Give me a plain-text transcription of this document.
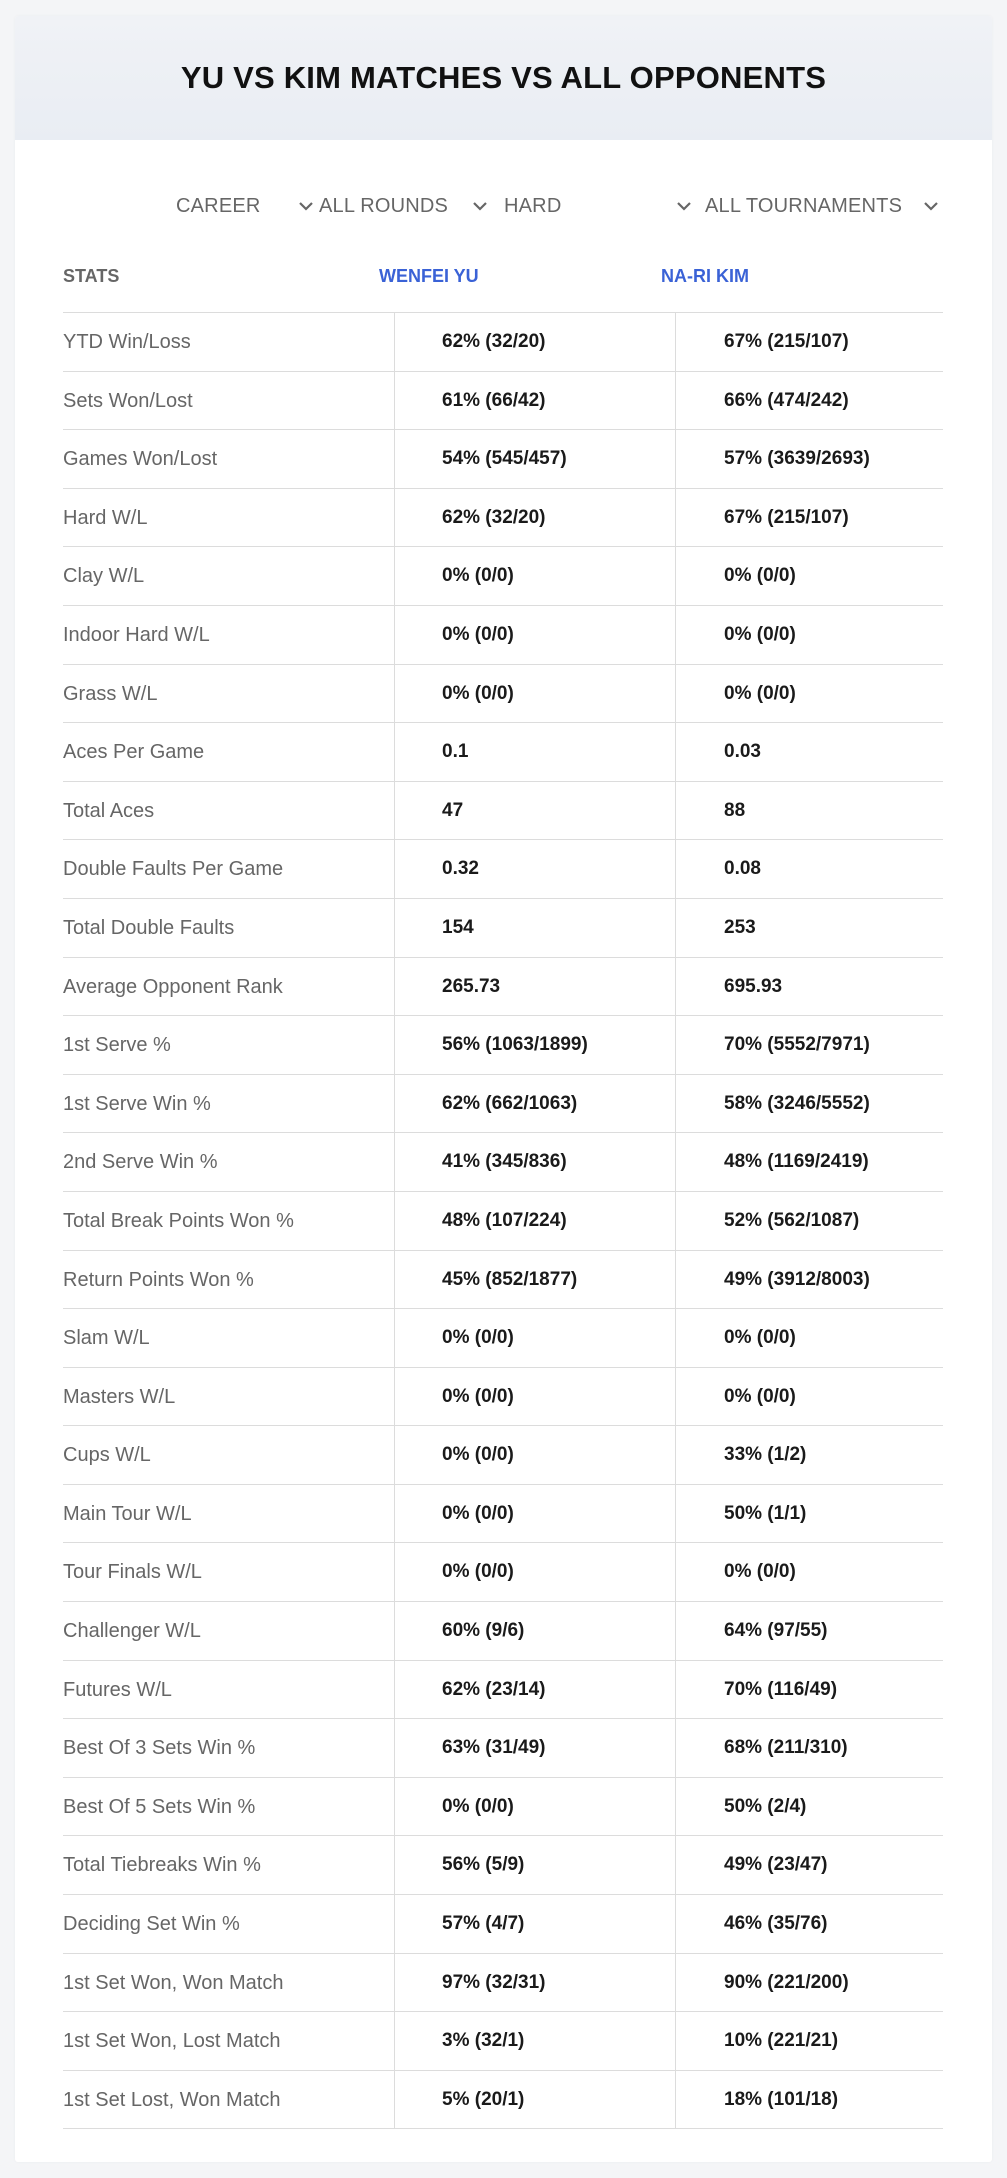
YU VS KIM MATCHES VS ALL OPPONENTS
CAREER	ALL ROUNDS	HARD	ALL TOURNAMENTS
STATS	WENFEI YU	NA-RI KIM
YTD Win/Loss	62% (32/20)	67% (215/107)
Sets Won/Lost	61% (66/42)	66% (474/242)
Games Won/Lost	54% (545/457)	57% (3639/2693)
Hard W/L	62% (32/20)	67% (215/107)
Clay W/L	0% (0/0)	0% (0/0)
Indoor Hard W/L	0% (0/0)	0% (0/0)
Grass W/L	0% (0/0)	0% (0/0)
Aces Per Game	0.1	0.03
Total Aces	47	88
Double Faults Per Game	0.32	0.08
Total Double Faults	154	253
Average Opponent Rank	265.73	695.93
1st Serve %	56% (1063/1899)	70% (5552/7971)
1st Serve Win %	62% (662/1063)	58% (3246/5552)
2nd Serve Win %	41% (345/836)	48% (1169/2419)
Total Break Points Won %	48% (107/224)	52% (562/1087)
Return Points Won %	45% (852/1877)	49% (3912/8003)
Slam W/L	0% (0/0)	0% (0/0)
Masters W/L	0% (0/0)	0% (0/0)
Cups W/L	0% (0/0)	33% (1/2)
Main Tour W/L	0% (0/0)	50% (1/1)
Tour Finals W/L	0% (0/0)	0% (0/0)
Challenger W/L	60% (9/6)	64% (97/55)
Futures W/L	62% (23/14)	70% (116/49)
Best Of 3 Sets Win %	63% (31/49)	68% (211/310)
Best Of 5 Sets Win %	0% (0/0)	50% (2/4)
Total Tiebreaks Win %	56% (5/9)	49% (23/47)
Deciding Set Win %	57% (4/7)	46% (35/76)
1st Set Won, Won Match	97% (32/31)	90% (221/200)
1st Set Won, Lost Match	3% (32/1)	10% (221/21)
1st Set Lost, Won Match	5% (20/1)	18% (101/18)
